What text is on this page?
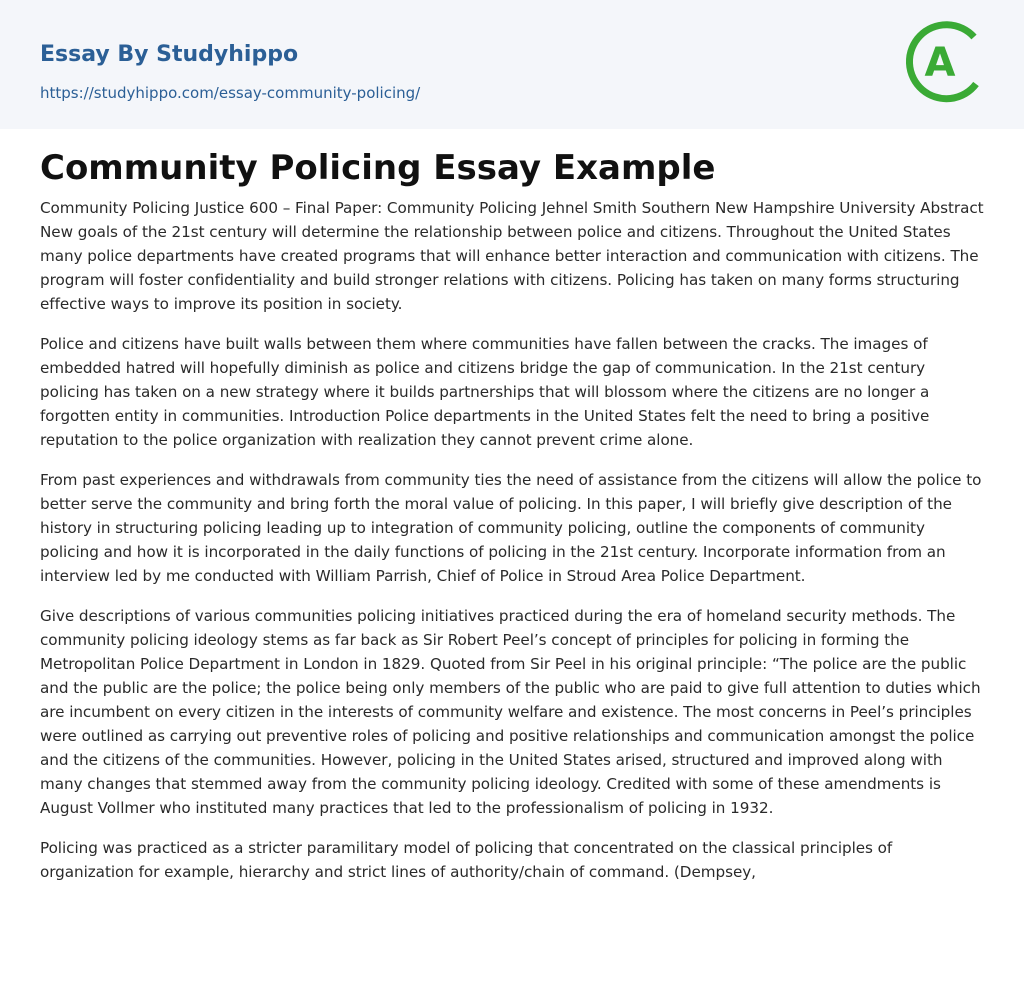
Essay By Studyhippo
https://studyhippo.com/essay-community-policing/
A
Community Policing Essay Example

Community Policing Justice 600 – Final Paper: Community Policing Jehnel Smith Southern New Hampshire University Abstract New goals of the 21st century will determine the relationship between police and citizens. Throughout the United States many police departments have created programs that will enhance better interaction and communication with citizens. The program will foster confidentiality and build stronger relations with citizens. Policing has taken on many forms structuring effective ways to improve its position in society.

Police and citizens have built walls between them where communities have fallen between the cracks. The images of embedded hatred will hopefully diminish as police and citizens bridge the gap of communication. In the 21st century policing has taken on a new strategy where it builds partnerships that will blossom where the citizens are no longer a forgotten entity in communities. Introduction Police departments in the United States felt the need to bring a positive reputation to the police organization with realization they cannot prevent crime alone.

From past experiences and withdrawals from community ties the need of assistance from the citizens will allow the police to better serve the community and bring forth the moral value of policing. In this paper, I will briefly give description of the history in structuring policing leading up to integration of community policing, outline the components of community policing and how it is incorporated in the daily functions of policing in the 21st century. Incorporate information from an interview led by me conducted with William Parrish, Chief of Police in Stroud Area Police Department.

Give descriptions of various communities policing initiatives practiced during the era of homeland security methods. The community policing ideology stems as far back as Sir Robert Peel’s concept of principles for policing in forming the Metropolitan Police Department in London in 1829. Quoted from Sir Peel in his original principle: “The police are the public and the public are the police; the police being only members of the public who are paid to give full attention to duties which are incumbent on every citizen in the interests of community welfare and existence. The most concerns in Peel’s principles were outlined as carrying out preventive roles of policing and positive relationships and communication amongst the police and the citizens of the communities. However, policing in the United States arised, structured and improved along with many changes that stemmed away from the community policing ideology. Credited with some of these amendments is August Vollmer who instituted many practices that led to the professionalism of policing in 1932.

Policing was practiced as a stricter paramilitary model of policing that concentrated on the classical principles of organization for example, hierarchy and strict lines of authority/chain of command. (Dempsey,
